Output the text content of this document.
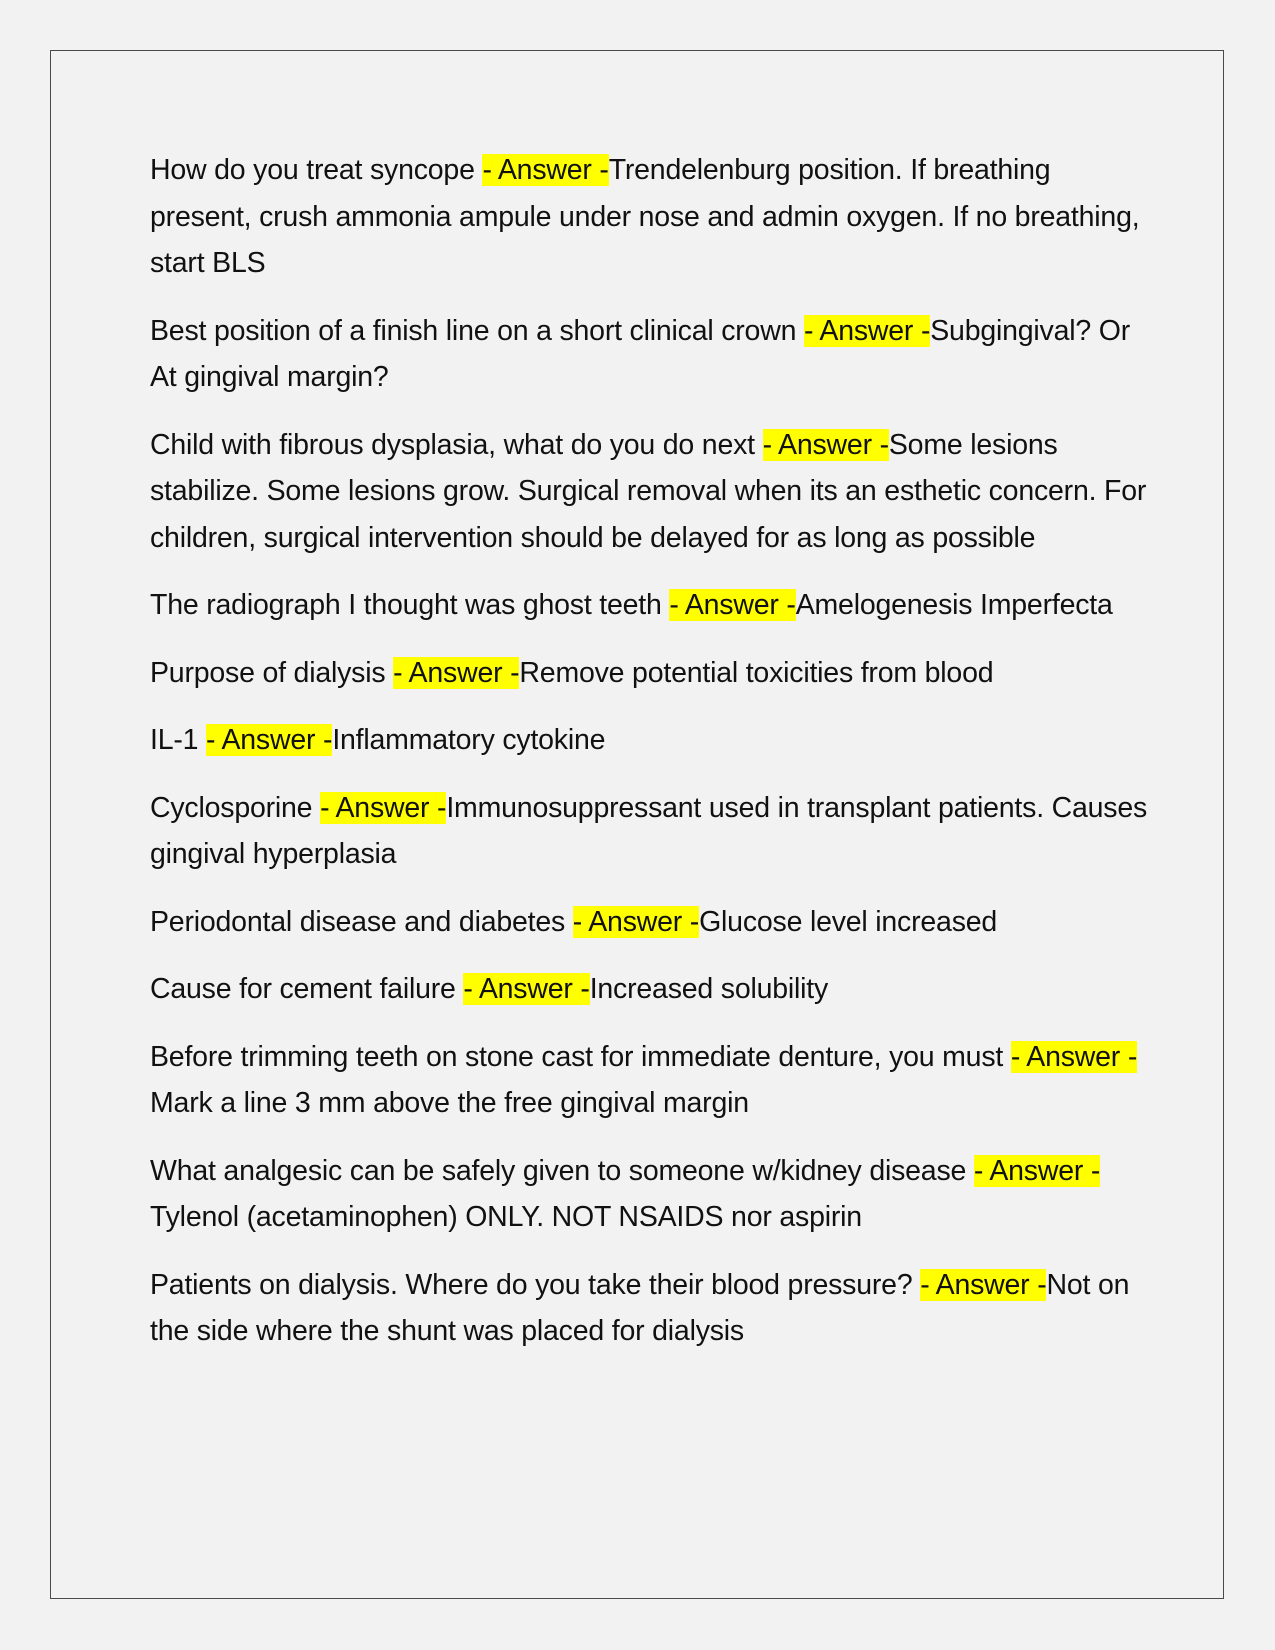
How do you treat syncope - Answer -Trendelenburg position. If breathing present, crush ammonia ampule under nose and admin oxygen. If no breathing, start BLS

Best position of a finish line on a short clinical crown - Answer -Subgingival? Or At gingival margin?

Child with fibrous dysplasia, what do you do next - Answer -Some lesions stabilize. Some lesions grow. Surgical removal when its an esthetic concern. For children, surgical intervention should be delayed for as long as possible

The radiograph I thought was ghost teeth - Answer -Amelogenesis Imperfecta

Purpose of dialysis - Answer -Remove potential toxicities from blood

IL-1 - Answer -Inflammatory cytokine

Cyclosporine - Answer -Immunosuppressant used in transplant patients. Causes gingival hyperplasia

Periodontal disease and diabetes - Answer -Glucose level increased

Cause for cement failure - Answer -Increased solubility

Before trimming teeth on stone cast for immediate denture, you must - Answer -Mark a line 3 mm above the free gingival margin

What analgesic can be safely given to someone w/kidney disease - Answer -Tylenol (acetaminophen) ONLY. NOT NSAIDS nor aspirin

Patients on dialysis. Where do you take their blood pressure? - Answer -Not on the side where the shunt was placed for dialysis
